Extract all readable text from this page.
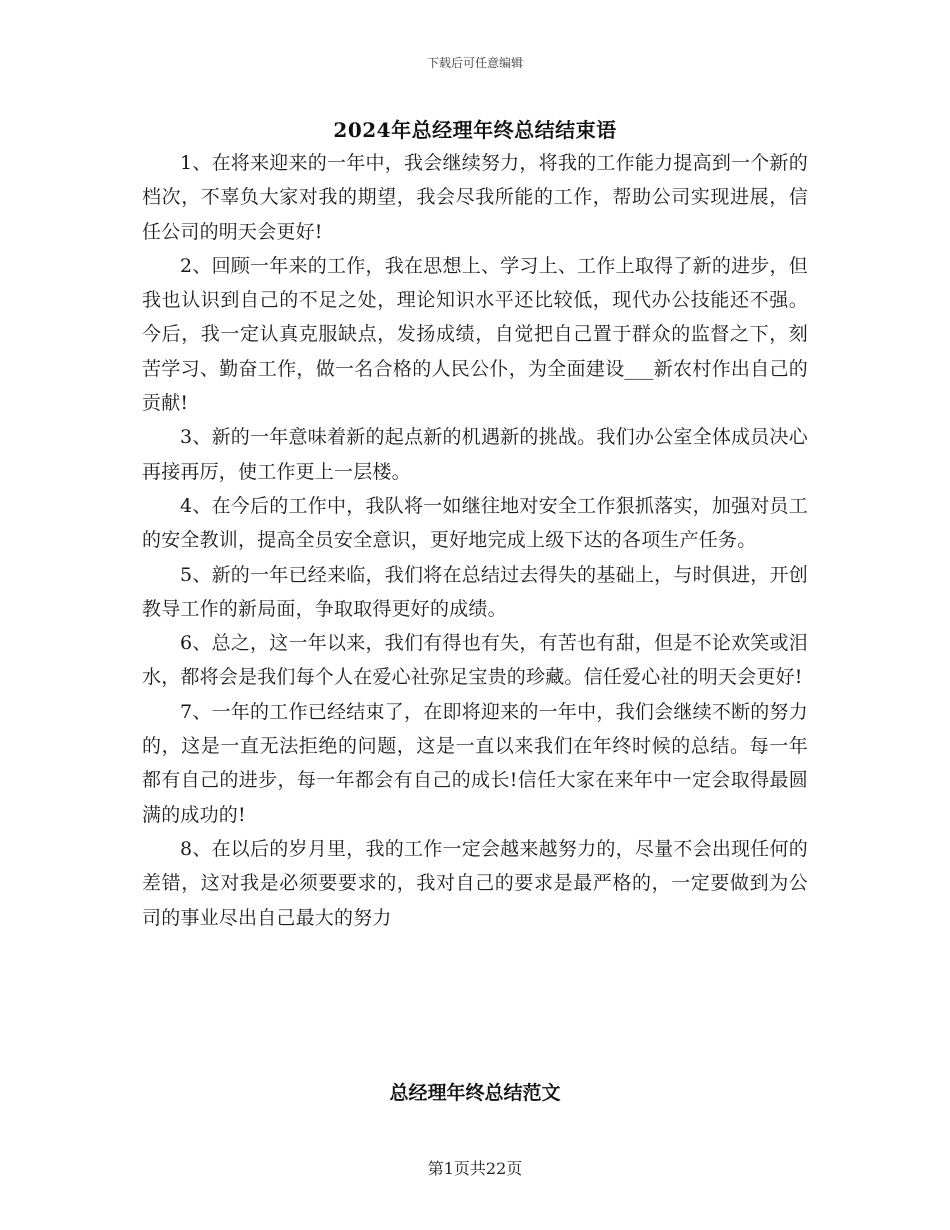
下载后可任意编辑
2024年总经理年终总结结束语

1、在将来迎来的一年中，我会继续努力，将我的工作能力提高到一个新的档次，不辜负大家对我的期望，我会尽我所能的工作，帮助公司实现进展，信任公司的明天会更好!

2、回顾一年来的工作，我在思想上、学习上、工作上取得了新的进步，但我也认识到自己的不足之处，理论知识水平还比较低，现代办公技能还不强。今后，我一定认真克服缺点，发扬成绩，自觉把自己置于群众的监督之下，刻苦学习、勤奋工作，做一名合格的人民公仆，为全面建设___新农村作出自己的贡献!

3、新的一年意味着新的起点新的机遇新的挑战。我们办公室全体成员决心再接再厉，使工作更上一层楼。

4、在今后的工作中，我队将一如继往地对安全工作狠抓落实，加强对员工的安全教训，提高全员安全意识，更好地完成上级下达的各项生产任务。

5、新的一年已经来临，我们将在总结过去得失的基础上，与时俱进，开创教导工作的新局面，争取取得更好的成绩。

6、总之，这一年以来，我们有得也有失，有苦也有甜，但是不论欢笑或泪水，都将会是我们每个人在爱心社弥足宝贵的珍藏。信任爱心社的明天会更好!

7、一年的工作已经结束了，在即将迎来的一年中，我们会继续不断的努力的，这是一直无法拒绝的问题，这是一直以来我们在年终时候的总结。每一年都有自己的进步，每一年都会有自己的成长!信任大家在来年中一定会取得最圆满的成功的!

8、在以后的岁月里，我的工作一定会越来越努力的，尽量不会出现任何的差错，这对我是必须要要求的，我对自己的要求是最严格的，一定要做到为公司的事业尽出自己最大的努力

总经理年终总结范文
第1页共22页
